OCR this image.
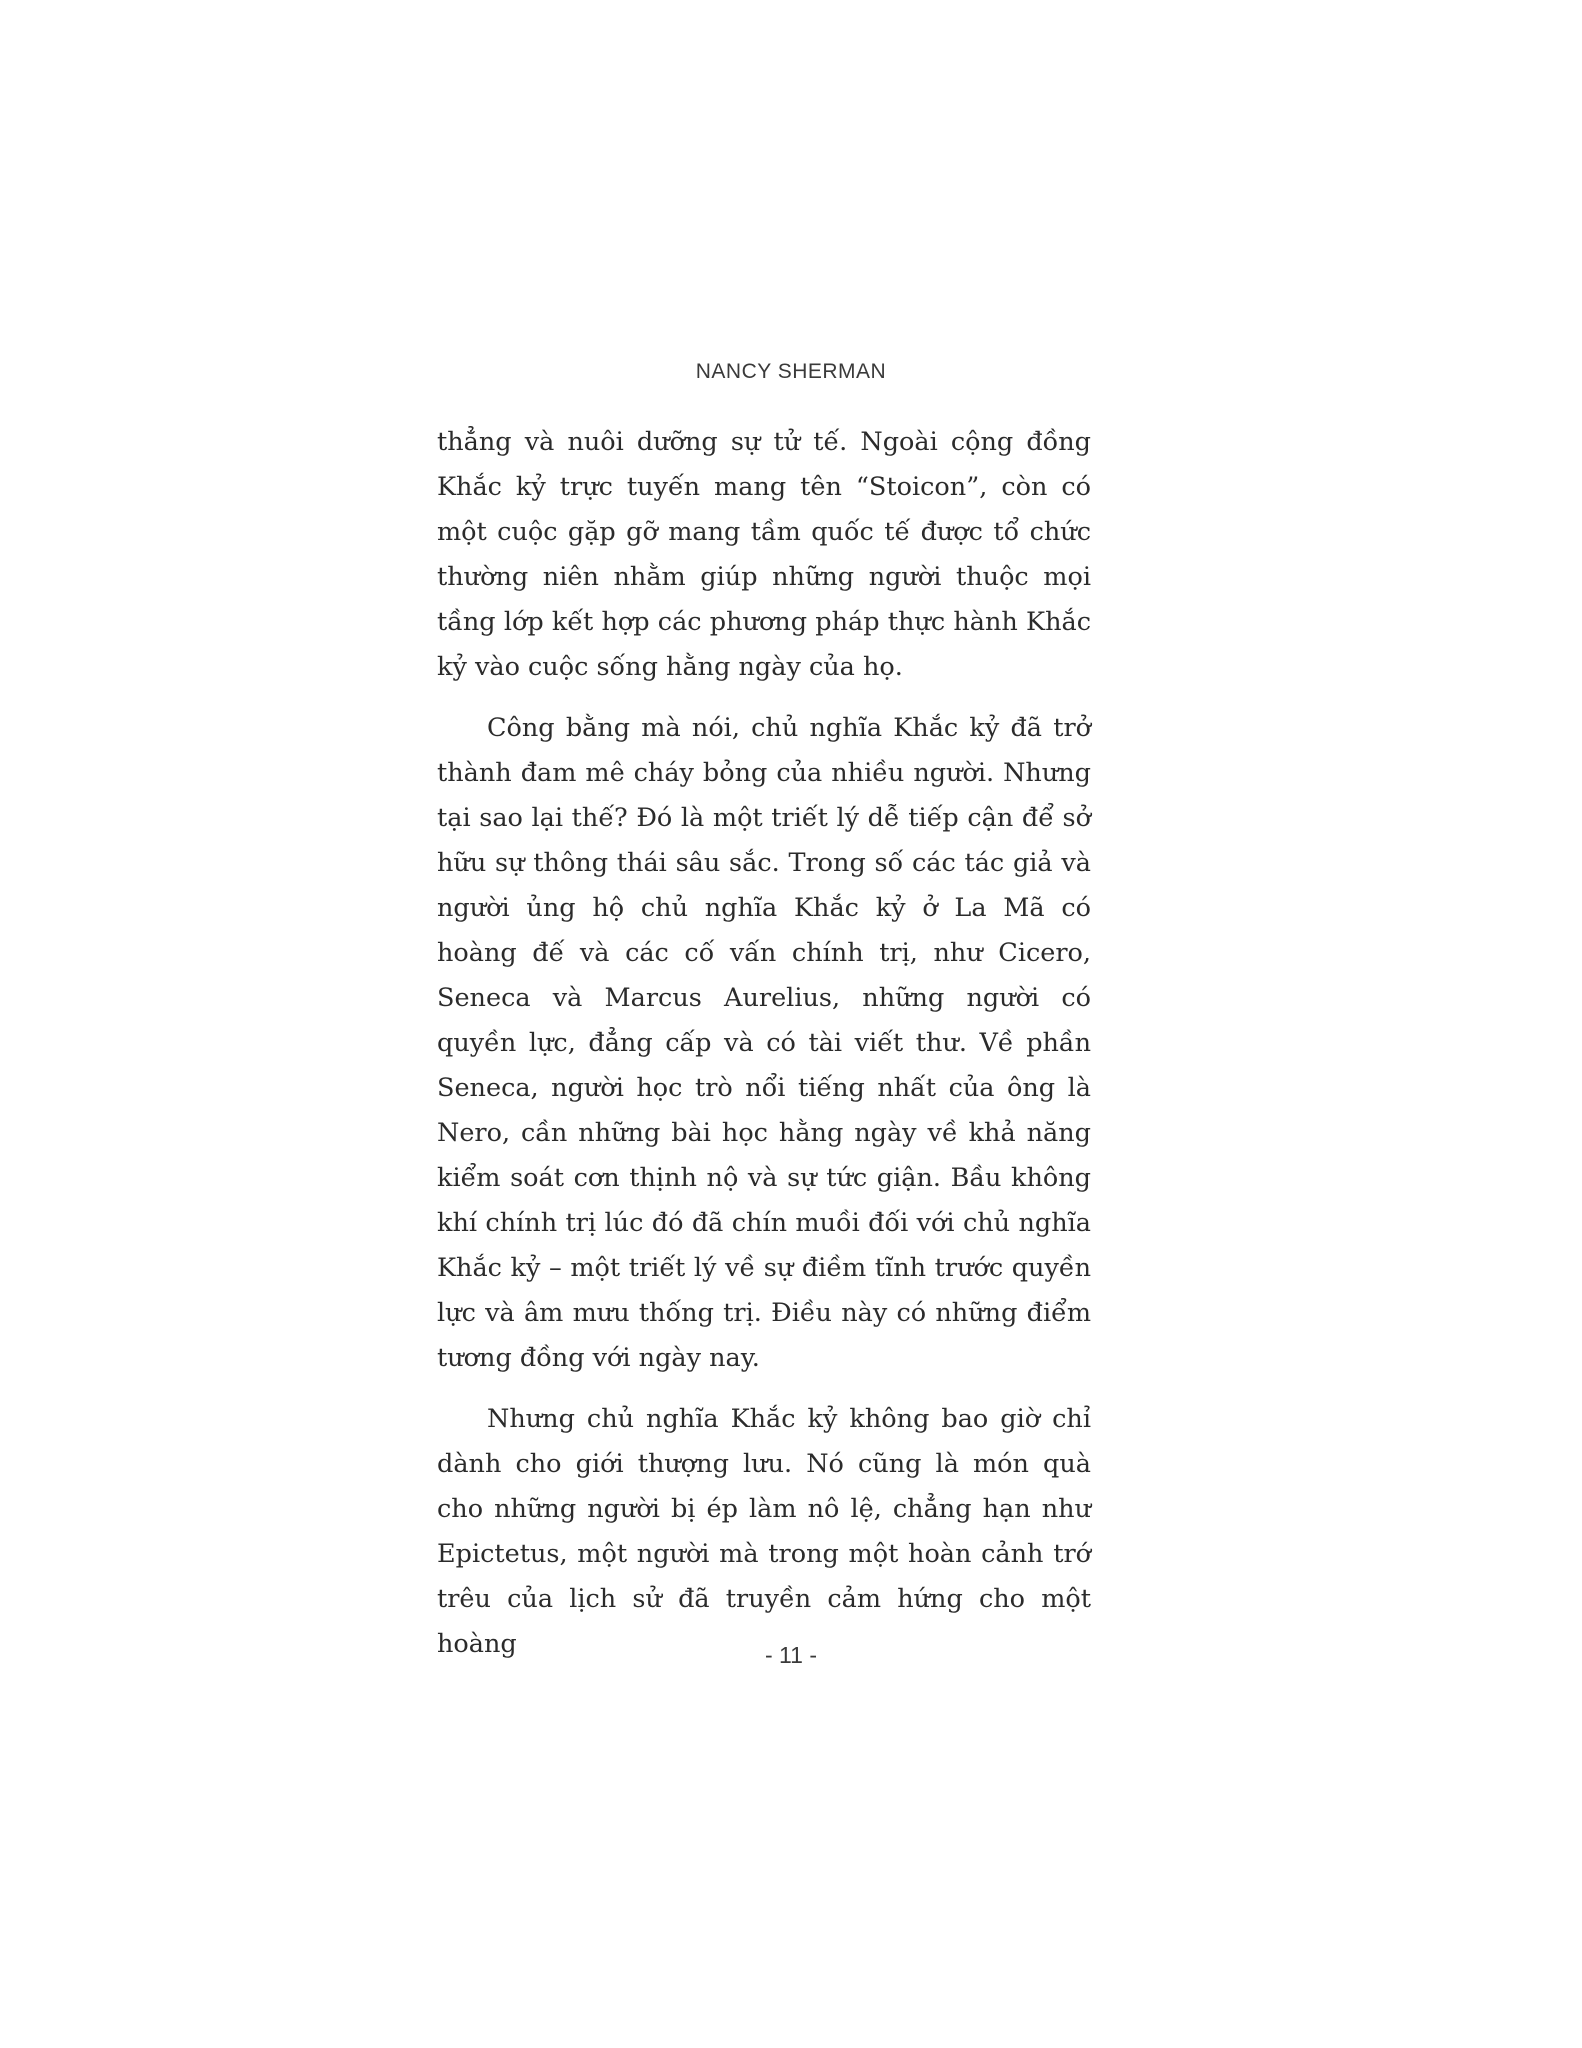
NANCY SHERMAN

thẳng và nuôi dưỡng sự tử tế. Ngoài cộng đồng Khắc kỷ trực tuyến mang tên “Stoicon”, còn có một cuộc gặp gỡ mang tầm quốc tế được tổ chức thường niên nhằm giúp những người thuộc mọi tầng lớp kết hợp các phương pháp thực hành Khắc kỷ vào cuộc sống hằng ngày của họ.

Công bằng mà nói, chủ nghĩa Khắc kỷ đã trở thành đam mê cháy bỏng của nhiều người. Nhưng tại sao lại thế? Đó là một triết lý dễ tiếp cận để sở hữu sự thông thái sâu sắc. Trong số các tác giả và người ủng hộ chủ nghĩa Khắc kỷ ở La Mã có hoàng đế và các cố vấn chính trị, như Cicero, Seneca và Marcus Aurelius, những người có quyền lực, đẳng cấp và có tài viết thư. Về phần Seneca, người học trò nổi tiếng nhất của ông là Nero, cần những bài học hằng ngày về khả năng kiểm soát cơn thịnh nộ và sự tức giận. Bầu không khí chính trị lúc đó đã chín muồi đối với chủ nghĩa Khắc kỷ – một triết lý về sự điềm tĩnh trước quyền lực và âm mưu thống trị. Điều này có những điểm tương đồng với ngày nay.

Nhưng chủ nghĩa Khắc kỷ không bao giờ chỉ dành cho giới thượng lưu. Nó cũng là món quà cho những người bị ép làm nô lệ, chẳng hạn như Epictetus, một người mà trong một hoàn cảnh trớ trêu của lịch sử đã truyền cảm hứng cho một hoàng	- 11 -
